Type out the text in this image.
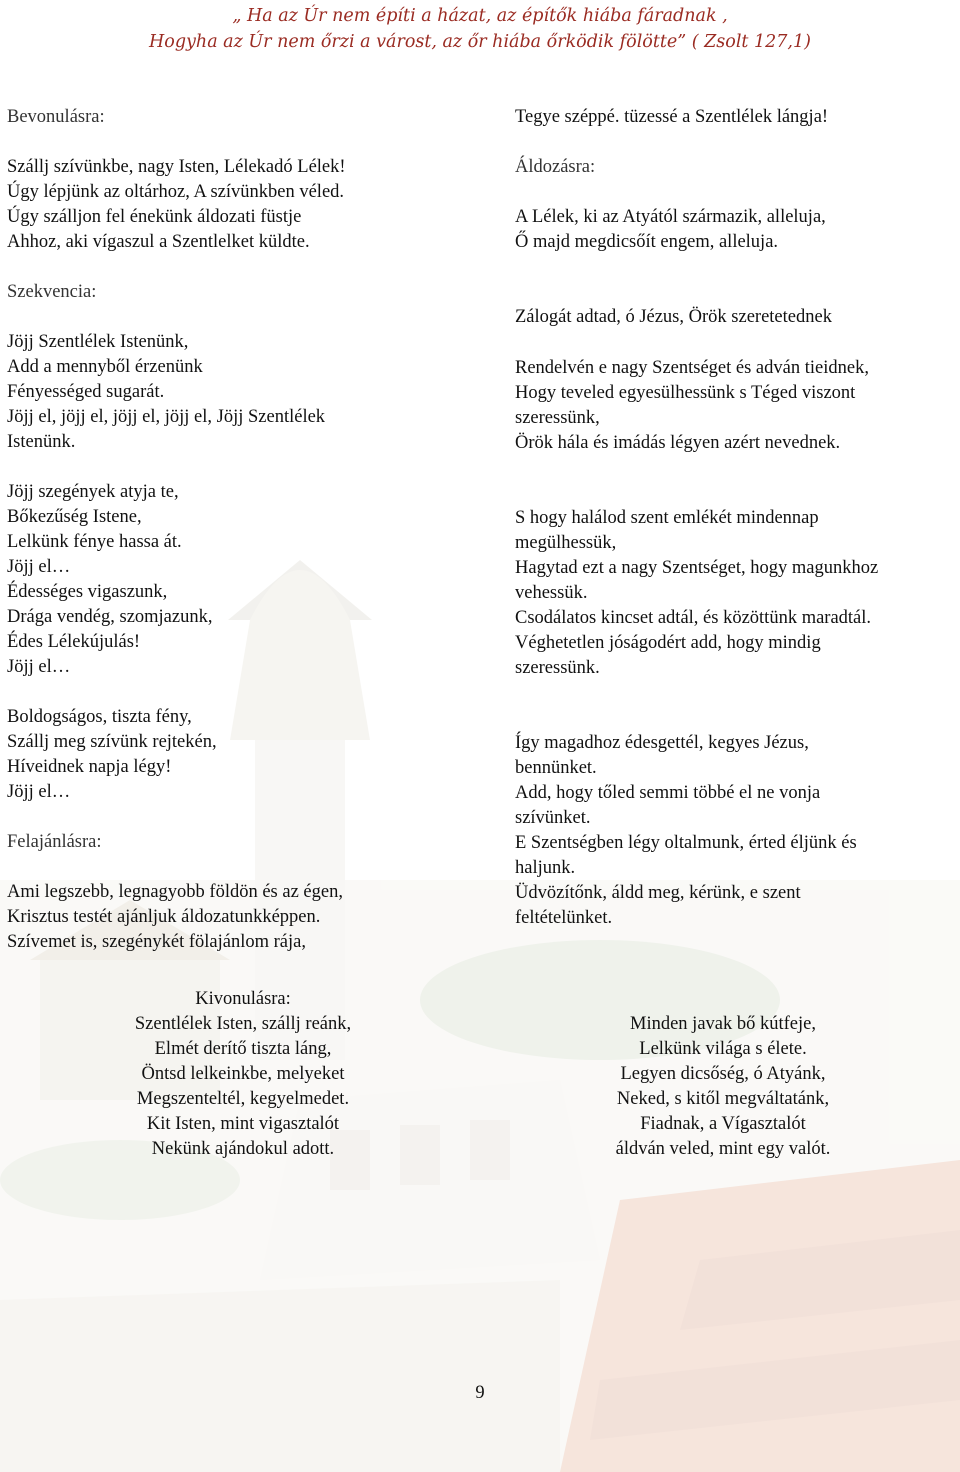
„ Ha az Úr nem építi a házat, az építők hiába fáradnak ,
Hogyha az Úr nem őrzi a várost, az őr hiába őrködik fölötte” ( Zsolt 127,1)

Bevonulásra:

Szállj szívünkbe, nagy Isten, Lélekadó Lélek!

Úgy lépjünk az oltárhoz, A szívünkben véled.

Úgy szálljon fel énekünk áldozati füstje

Ahhoz, aki vígaszul a Szentlelket küldte.

Szekvencia:

Jöjj Szentlélek Istenünk,

Add a mennyből érzenünk

Fényességed sugarát.

Jöjj el, jöjj el, jöjj el, jöjj el, Jöjj Szentlélek

Istenünk.

Jöjj szegények atyja te,

Bőkezűség Istene,

Lelkünk fénye hassa át.

Jöjj el…

Édességes vigaszunk,

Drága vendég, szomjazunk,

Édes Lélekújulás!

Jöjj el…

Boldogságos, tiszta fény,

Szállj meg szívünk rejtekén,

Híveidnek napja légy!

Jöjj el…

Felajánlásra:

Ami legszebb, legnagyobb földön és az égen,

Krisztus testét ajánljuk áldozatunkképpen.

Szívemet is, szegénykét fölajánlom rája,

Tegye széppé. tüzessé a Szentlélek lángja!

Áldozásra:

A Lélek, ki az Atyától származik, alleluja,

Ő majd megdicsőít engem, alleluja.

Zálogát adtad, ó Jézus, Örök szeretetednek

Rendelvén e nagy Szentséget és adván tieidnek,

Hogy teveled egyesülhessünk s Téged viszont

szeressünk,

Örök hála és imádás légyen azért nevednek.

S hogy halálod szent emlékét mindennap

megülhessük,

Hagytad ezt a nagy Szentséget, hogy magunkhoz

vehessük.

Csodálatos kincset adtál, és közöttünk maradtál.

Véghetetlen jóságodért add, hogy mindig

szeressünk.

Így magadhoz édesgettél, kegyes Jézus,

bennünket.

Add, hogy tőled semmi többé el ne vonja

szívünket.

E Szentségben légy oltalmunk, érted éljünk és

haljunk.

Üdvözítőnk, áldd meg, kérünk, e szent

feltételünket.

Kivonulásra:

Szentlélek Isten, szállj reánk,

Elmét derítő tiszta láng,

Öntsd lelkeinkbe, melyeket

Megszenteltél, kegyelmedet.

Kit Isten, mint vigasztalót

Nekünk ajándokul adott.

Minden javak bő kútfeje,

Lelkünk világa s élete.

Legyen dicsőség, ó Atyánk,

Neked, s kitől megváltatánk,

Fiadnak, a Vígasztalót

áldván veled, mint egy valót.

9
